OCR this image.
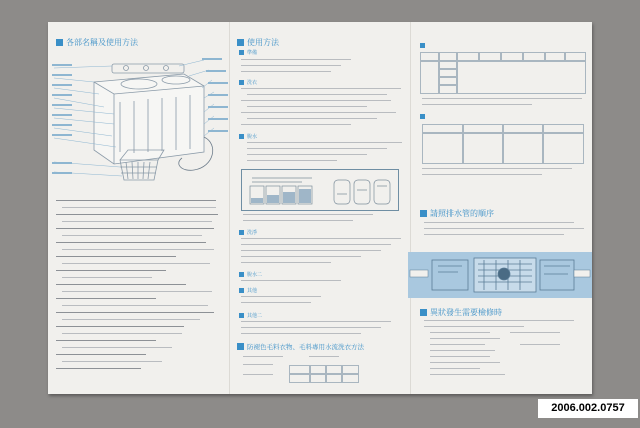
各部名稱及使用方法	使用方法
準備
洗衣
脫水
洗淨
脫水二
其他
其他二
防褪色毛料衣物、毛料專用水流洗衣方法
請照排水管的順序
異狀發生需要檢修時
2006.002.0757
